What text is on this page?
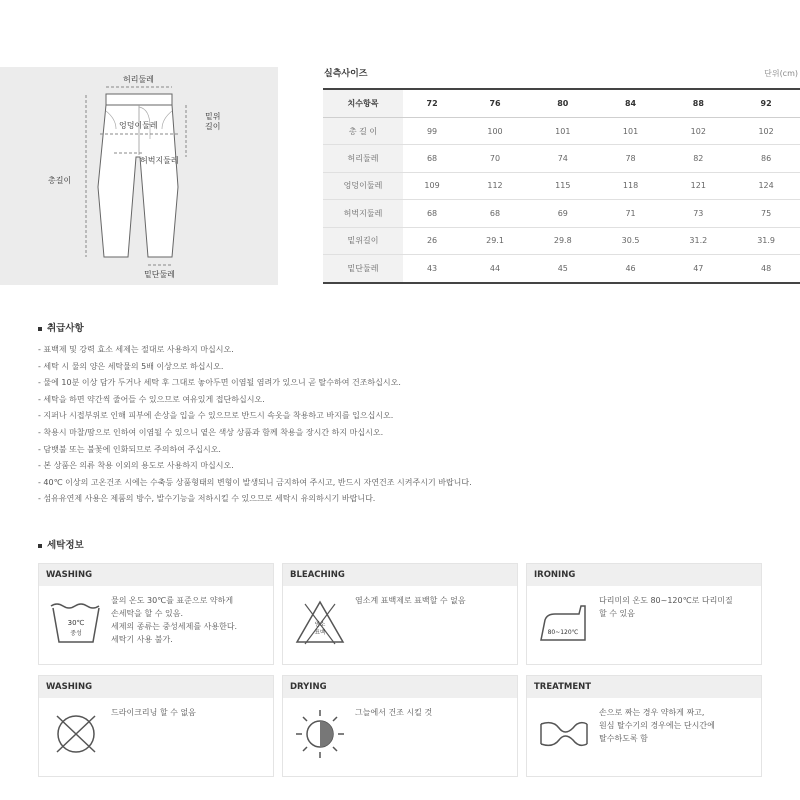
허리둘레
엉덩이둘레
밑위
길이
허벅지둘레
총길이
밑단둘레
실측사이즈	단위(cm)
치수항목	72	76	80	84	88	92
총 길 이	99	100	101	101	102	102
허리둘레	68	70	74	78	82	86
엉덩이둘레	109	112	115	118	121	124
허벅지둘레	68	68	69	71	73	75
밑위길이	26	29.1	29.8	30.5	31.2	31.9
밑단둘레	43	44	45	46	47	48
취급사항
- 표백제 및 강력 효소 세제는 절대로 사용하지 마십시오.
- 세탁 시 물의 양은 세탁물의 5배 이상으로 하십시오.
- 물에 10분 이상 담가 두거나 세탁 후 그대로 놓아두면 이염될 염려가 있으니 곧 탈수하여 건조하십시오.
- 세탁을 하면 약간씩 줄어들 수 있으므로 여유있게 접단하십시오.
- 지퍼나 시접부위로 인해 피부에 손상을 입을 수 있으므로 반드시 속옷을 착용하고 바지를 입으십시오.
- 착용시 마찰/땀으로 인하여 이염될 수 있으니 옅은 색상 상품과 함께 착용을 장시간 하지 마십시오.
- 담뱃불 또는 불꽃에 인화되므로 주의하여 주십시오.
- 본 상품은 의류 착용 이외의 용도로 사용하지 마십시오.
- 40℃ 이상의 고온건조 시에는 수축등 상품형태의 변형이 발생되니 금지하여 주시고, 반드시 자연건조 시켜주시기 바랍니다.
- 섬유유연제 사용은 제품의 방수, 발수기능을 저하시킬 수 있으므로 세탁시 유의하시기 바랍니다.
세탁정보
WASHING
30℃
중성
물의 온도 30℃를 표준으로 약하게
손세탁을 할 수 있음.
세제의 종류는 중성세제를 사용한다.
세탁기 사용 불가.
BLEACHING
염소
표백
염소계 표백제로 표백할 수 없음
IRONING
80~120℃
다리미의 온도 80~120℃로 다리미질
할 수 있음
WASHING
드라이크리닝 할 수 없음
DRYING
그늘에서 건조 시킬 것
TREATMENT
손으로 짜는 경우 약하게 짜고,
원심 탈수기의 경우에는 단시간에
탈수하도록 함
